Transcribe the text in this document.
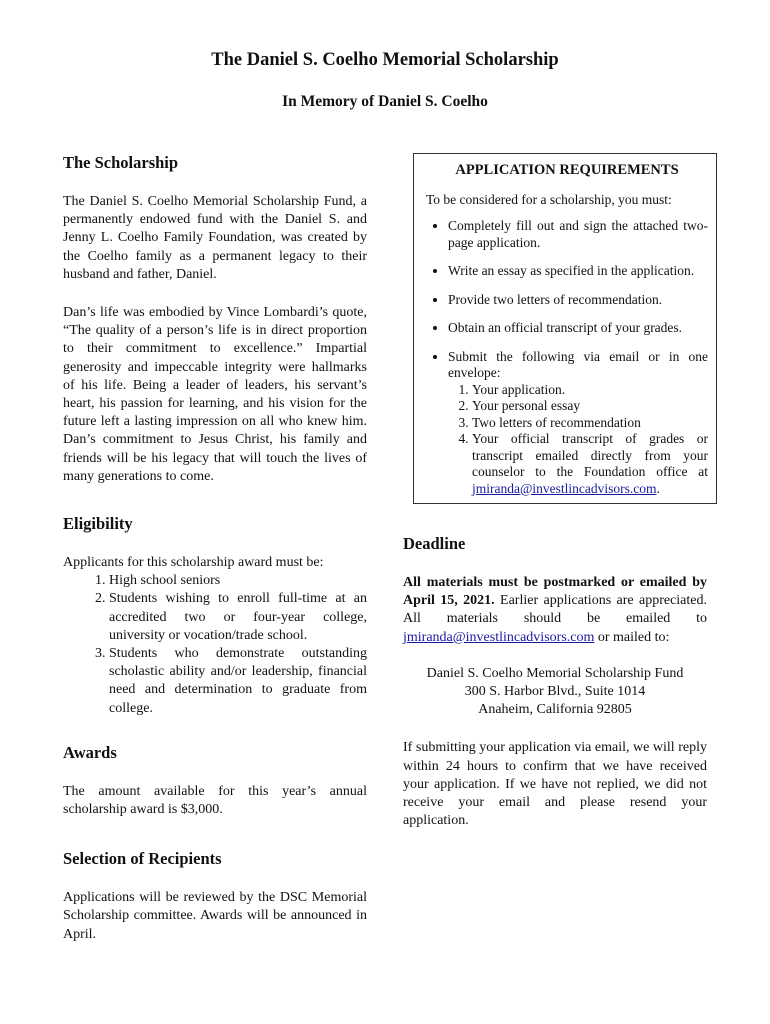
The Daniel S. Coelho Memorial Scholarship
In Memory of Daniel S. Coelho
The Scholarship

The Daniel S. Coelho Memorial Scholarship Fund, a permanently endowed fund with the Daniel S. and Jenny L. Coelho Family Foundation, was created by the Coelho family as a permanent legacy to their husband and father, Daniel.

Dan’s life was embodied by Vince Lombardi’s quote, “The quality of a person’s life is in direct proportion to their commitment to excellence.” Impartial generosity and impeccable integrity were hallmarks of his life. Being a leader of leaders, his servant’s heart, his passion for learning, and his vision for the future left a lasting impression on all who knew him. Dan’s commitment to Jesus Christ, his family and friends will be his legacy that will touch the lives of many generations to come.

Eligibility

Applicants for this scholarship award must be:

1. High school seniors
2. Students wishing to enroll full-time at an accredited two or four-year college, university or vocation/trade school.
3. Students who demonstrate outstanding scholastic ability and/or leadership, financial need and determination to graduate from college.
Awards

The amount available for this year’s annual scholarship award is $3,000.

Selection of Recipients

Applications will be reviewed by the DSC Memorial Scholarship committee. Awards will be announced in April.

APPLICATION REQUIREMENTS

To be considered for a scholarship, you must:

• Completely fill out and sign the attached two-page application.
• Write an essay as specified in the application.
• Provide two letters of recommendation.
• Obtain an official transcript of your grades.
• Submit the following via email or in one envelope:
1. Your application.
2. Your personal essay
3. Two letters of recommendation
4. Your official transcript of grades or transcript emailed directly from your counselor to the Foundation office at jmiranda@investlincadvisors.com.
Deadline

All materials must be postmarked or emailed by April 15, 2021. Earlier applications are appreciated. All materials should be emailed to jmiranda@investlincadvisors.com or mailed to:

Daniel S. Coelho Memorial Scholarship Fund
300 S. Harbor Blvd., Suite 1014
Anaheim, California 92805

If submitting your application via email, we will reply within 24 hours to confirm that we have received your application. If we have not replied, we did not receive your email and please resend your application.
